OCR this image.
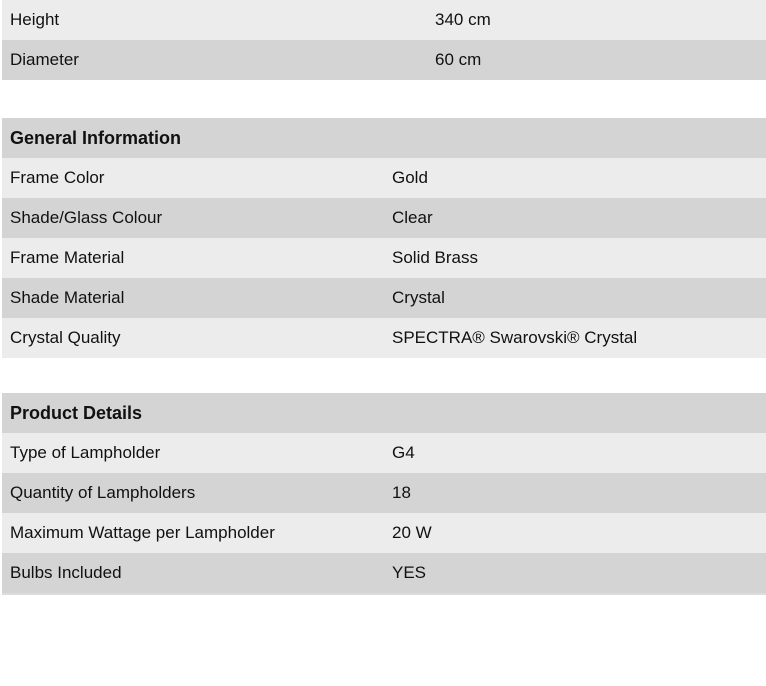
Height	340 cm
Diameter	60 cm
General Information	
Frame Color	Gold
Shade/Glass Colour	Clear
Frame Material	Solid Brass
Shade Material	Crystal
Crystal Quality	SPECTRA® Swarovski® Crystal
Product Details	
Type of Lampholder	G4
Quantity of Lampholders	18
Maximum Wattage per Lampholder	20 W
Bulbs Included	YES
